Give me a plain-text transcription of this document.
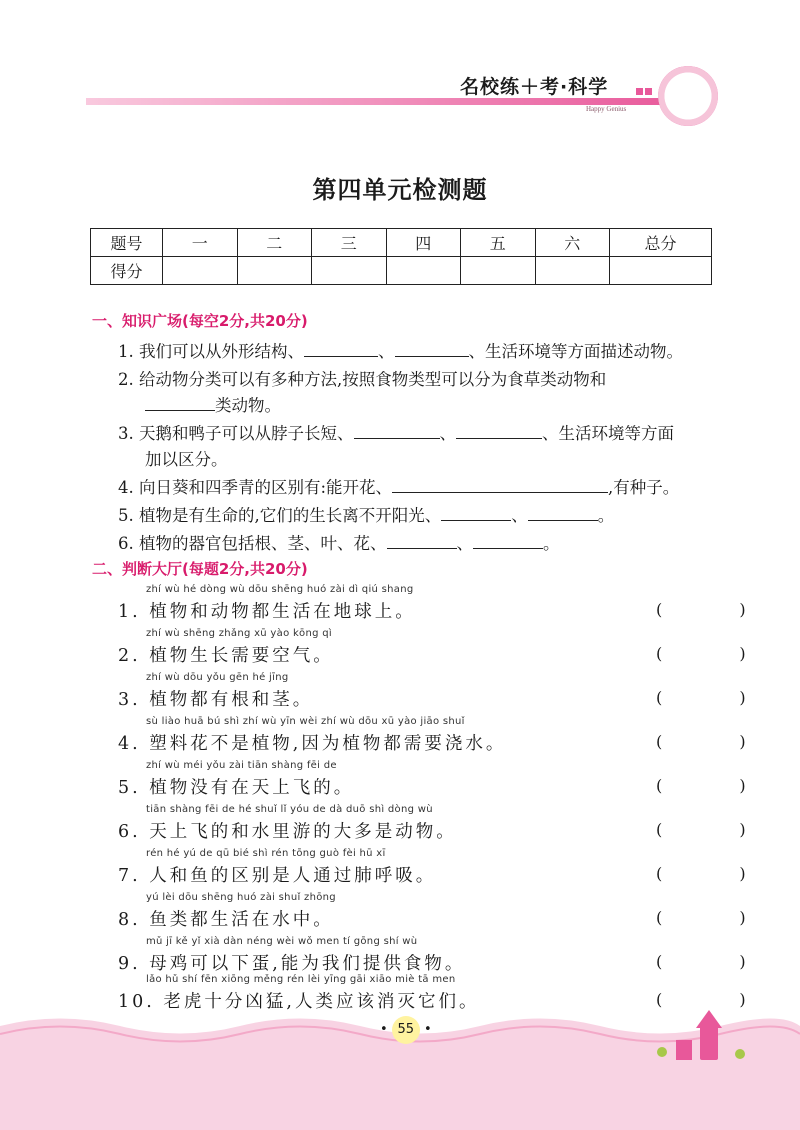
名校练＋考·科学
Happy Genius
第四单元检测题
题号	一	二	三	四	五	六	总分
得分							
一、知识广场(每空2分,共20分)
1. 我们可以从外形结构、	、	、生活环境等方面描述动物。
2. 给动物分类可以有多种方法,按照食物类型可以分为食草类动物和
类动物。
3. 天鹅和鸭子可以从脖子长短、	、	、生活环境等方面
加以区分。
4. 向日葵和四季青的区别有:能开花、	,有种子。
5. 植物是有生命的,它们的生长离不开阳光、	、	。
6. 植物的器官包括根、茎、叶、花、	、	。
二、判断大厅(每题2分,共20分)
zhí wù hé dòng wù dōu shēng huó zài dì qiú shang
1. 植物和动物都生活在地球上。	( )
zhí wù shēng zhǎng xū yào kōng qì
2. 植物生长需要空气。	( )
zhí wù dōu yǒu gēn hé jīng
3. 植物都有根和茎。	( )
sù liào huā bú shì zhí wù yīn wèi zhí wù dōu xū yào jiāo shuǐ
4. 塑料花不是植物,因为植物都需要浇水。	( )
zhí wù méi yǒu zài tiān shàng fēi de
5. 植物没有在天上飞的。	( )
tiān shàng fēi de hé shuǐ lǐ yóu de dà duō shì dòng wù
6. 天上飞的和水里游的大多是动物。	( )
rén hé yú de qū bié shì rén tōng guò fèi hū xī
7. 人和鱼的区别是人通过肺呼吸。	( )
yú lèi dōu shēng huó zài shuǐ zhōng
8. 鱼类都生活在水中。	( )
mǔ jī kě yǐ xià dàn néng wèi wǒ men tí gōng shí wù
9. 母鸡可以下蛋,能为我们提供食物。	( )
lǎo hǔ shí fēn xiōng měng rén lèi yīng gāi xiāo miè tā men
10. 老虎十分凶猛,人类应该消灭它们。	( )
• 55 •
